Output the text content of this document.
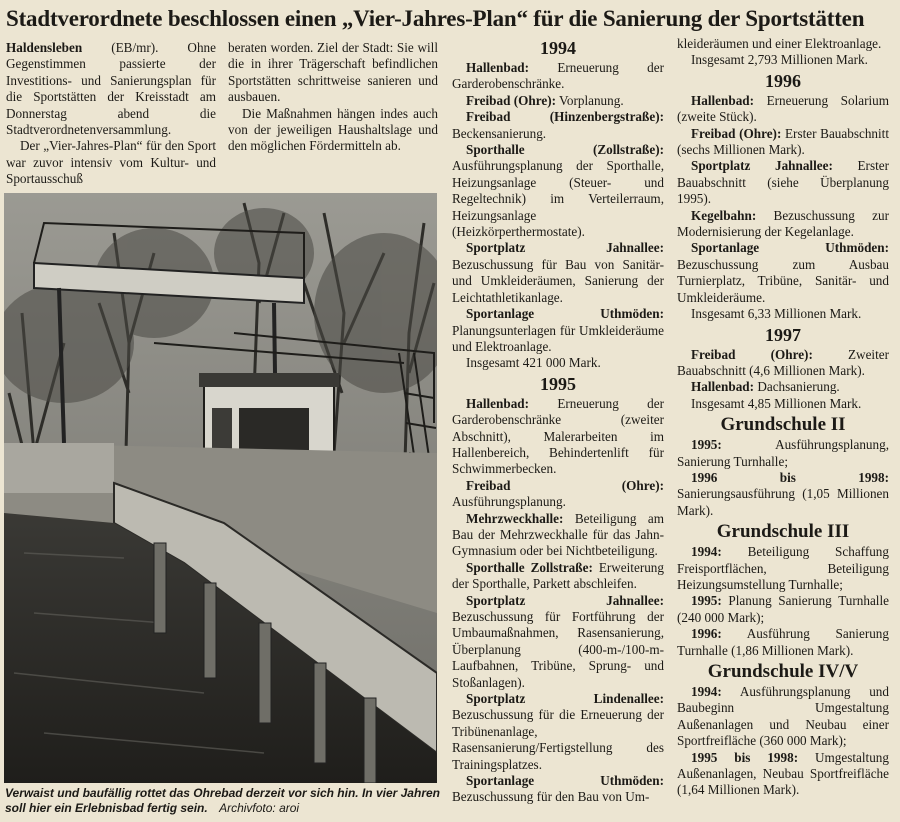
Stadtverordnete beschlossen einen „Vier-Jahres-Plan“ für die Sanierung der Sportstätten

Haldensleben (EB/mr). Ohne Gegenstimmen passierte der Investitions- und Sanierungsplan für die Sportstätten der Kreisstadt am Donnerstag abend die Stadtverordnetenversammlung.

Der „Vier-Jahres-Plan“ für den Sport war zuvor intensiv vom Kultur- und Sportausschuß

beraten worden. Ziel der Stadt: Sie will die in ihrer Trägerschaft befindlichen Sportstätten schrittweise sanieren und ausbauen.

Die Maßnahmen hängen indes auch von der jeweiligen Haushaltslage und den möglichen Fördermitteln ab.

Verwaist und baufällig rottet das Ohrebad derzeit vor sich hin. In vier Jahren soll hier ein Erlebnisbad fertig sein. Archivfoto: aroi
1994

Hallenbad: Erneuerung der Garderobenschränke.

Freibad (Ohre): Vorplanung.

Freibad (Hinzenbergstraße): Beckensanierung.

Sporthalle (Zollstraße): Ausführungsplanung der Sporthalle, Heizungsanlage (Steuer- und Regeltechnik) im Verteilerraum, Heizungsanlage (Heizkörperthermostate).

Sportplatz Jahnallee: Bezuschussung für Bau von Sanitär- und Umkleideräumen, Sanierung der Leichtathletikanlage.

Sportanlage Uthmöden: Planungsunterlagen für Umkleideräume und Elektroanlage.

Insgesamt 421 000 Mark.

1995

Hallenbad: Erneuerung der Garderobenschränke (zweiter Abschnitt), Malerarbeiten im Hallenbereich, Behindertenlift für Schwimmerbecken.

Freibad (Ohre): Ausführungsplanung.

Mehrzweckhalle: Beteiligung am Bau der Mehrzweckhalle für das Jahn-Gymnasium oder bei Nichtbeteiligung.

Sporthalle Zollstraße: Erweiterung der Sporthalle, Parkett abschleifen.

Sportplatz Jahnallee: Bezuschussung für Fortführung der Umbaumaßnahmen, Rasensanierung, Überplanung (400-m-/100-m-Laufbahnen, Tribüne, Sprung- und Stoßanlagen).

Sportplatz Lindenallee: Bezuschussung für die Erneuerung der Tribünenanlage, Rasensanierung/Fertigstellung des Trainingsplatzes.

Sportanlage Uthmöden: Bezuschussung für den Bau von Um-

kleideräumen und einer Elektroanlage.

Insgesamt 2,793 Millionen Mark.

1996

Hallenbad: Erneuerung Solarium (zweite Stück).

Freibad (Ohre): Erster Bauabschnitt (sechs Millionen Mark).

Sportplatz Jahnallee: Erster Bauabschnitt (siehe Überplanung 1995).

Kegelbahn: Bezuschussung zur Modernisierung der Kegelanlage.

Sportanlage Uthmöden: Bezuschussung zum Ausbau Turnierplatz, Tribüne, Sanitär- und Umkleideräume.

Insgesamt 6,33 Millionen Mark.

1997

Freibad (Ohre): Zweiter Bauabschnitt (4,6 Millionen Mark).

Hallenbad: Dachsanierung.

Insgesamt 4,85 Millionen Mark.

Grundschule II

1995: Ausführungsplanung, Sanierung Turnhalle;

1996 bis 1998: Sanierungsausführung (1,05 Millionen Mark).

Grundschule III

1994: Beteiligung Schaffung Freisportflächen, Beteiligung Heizungsumstellung Turnhalle;

1995: Planung Sanierung Turnhalle (240 000 Mark);

1996: Ausführung Sanierung Turnhalle (1,86 Millionen Mark).

Grundschule IV/V

1994: Ausführungsplanung und Baubeginn Umgestaltung Außenanlagen und Neubau einer Sportfreifläche (360 000 Mark);

1995 bis 1998: Umgestaltung Außenanlagen, Neubau Sportfreifläche (1,64 Millionen Mark).
